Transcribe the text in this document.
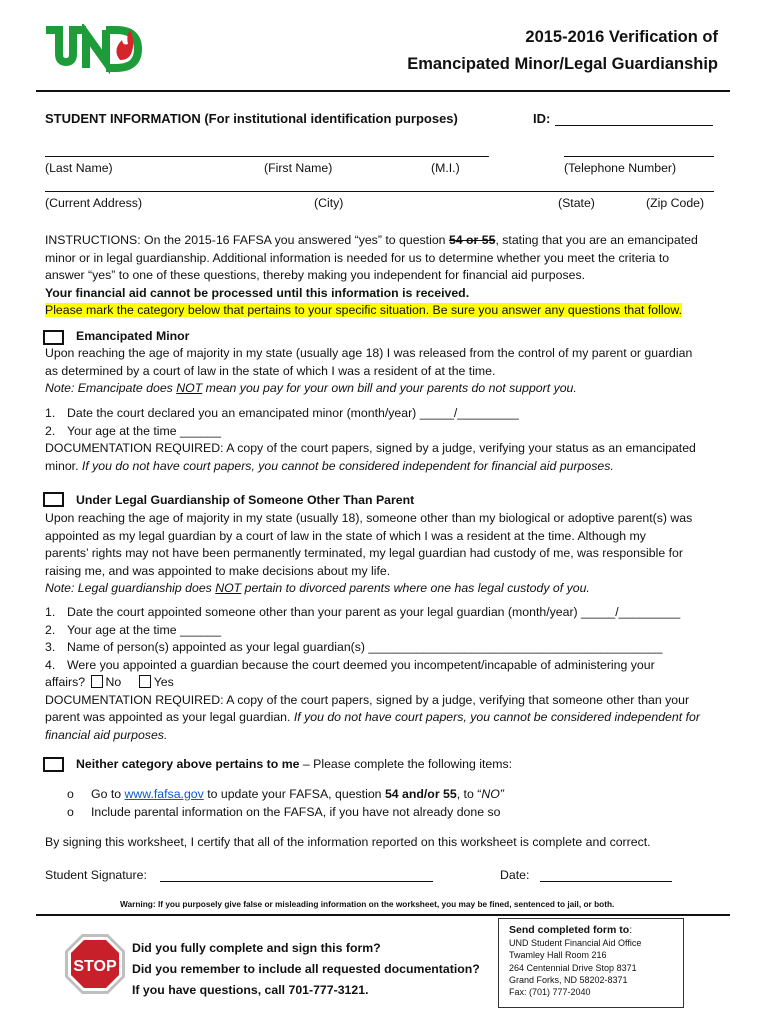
2015-2016 Verification of
Emancipated Minor/Legal Guardianship
STUDENT INFORMATION (For institutional identification purposes)	ID:
(Last Name)	(First Name)	(M.I.)	(Telephone Number)
(Current Address)	(City)	(State)	(Zip Code)
INSTRUCTIONS: On the 2015-16 FAFSA you answered “yes” to question 54 or 55, stating that you are an emancipated
minor or in legal guardianship. Additional information is needed for us to determine whether you meet the criteria to
answer “yes” to one of these questions, thereby making you independent for financial aid purposes.
Your financial aid cannot be processed until this information is received.
Please mark the category below that pertains to your specific situation. Be sure you answer any questions that follow.
Emancipated Minor
Upon reaching the age of majority in my state (usually age 18) I was released from the control of my parent or guardian
as determined by a court of law in the state of which I was a resident of at the time.
Note: Emancipate does NOT mean you pay for your own bill and your parents do not support you.
1. Date the court declared you an emancipated minor (month/year) _____/_________
2. Your age at the time ______
DOCUMENTATION REQUIRED: A copy of the court papers, signed by a judge, verifying your status as an emancipated
minor. If you do not have court papers, you cannot be considered independent for financial aid purposes.
Under Legal Guardianship of Someone Other Than Parent
Upon reaching the age of majority in my state (usually 18), someone other than my biological or adoptive parent(s) was
appointed as my legal guardian by a court of law in the state of which I was a resident at the time. Although my
parents’ rights may not have been permanently terminated, my legal guardian had custody of me, was responsible for
raising me, and was appointed to make decisions about my life.
Note: Legal guardianship does NOT pertain to divorced parents where one has legal custody of you.
1. Date the court appointed someone other than your parent as your legal guardian (month/year) _____/_________
2. Your age at the time ______
3. Name of person(s) appointed as your legal guardian(s) ___________________________________________
4. Were you appointed a guardian because the court deemed you incompetent/incapable of administering your
affairs? No	Yes
DOCUMENTATION REQUIRED: A copy of the court papers, signed by a judge, verifying that someone other than your
parent was appointed as your legal guardian. If you do not have court papers, you cannot be considered independent for
financial aid purposes.
Neither category above pertains to me – Please complete the following items:
o Go to www.fafsa.gov to update your FAFSA, question 54 and/or 55, to “NO”
o Include parental information on the FAFSA, if you have not already done so
By signing this worksheet, I certify that all of the information reported on this worksheet is complete and correct.
Student Signature:	Date:
Warning: If you purposely give false or misleading information on the worksheet, you may be fined, sentenced to jail, or both.
STOP
Did you fully complete and sign this form?
Did you remember to include all requested documentation?
If you have questions, call 701-777-3121.
Send completed form to:
UND Student Financial Aid Office
Twamley Hall Room 216
264 Centennial Drive Stop 8371
Grand Forks, ND 58202-8371
Fax: (701) 777-2040
